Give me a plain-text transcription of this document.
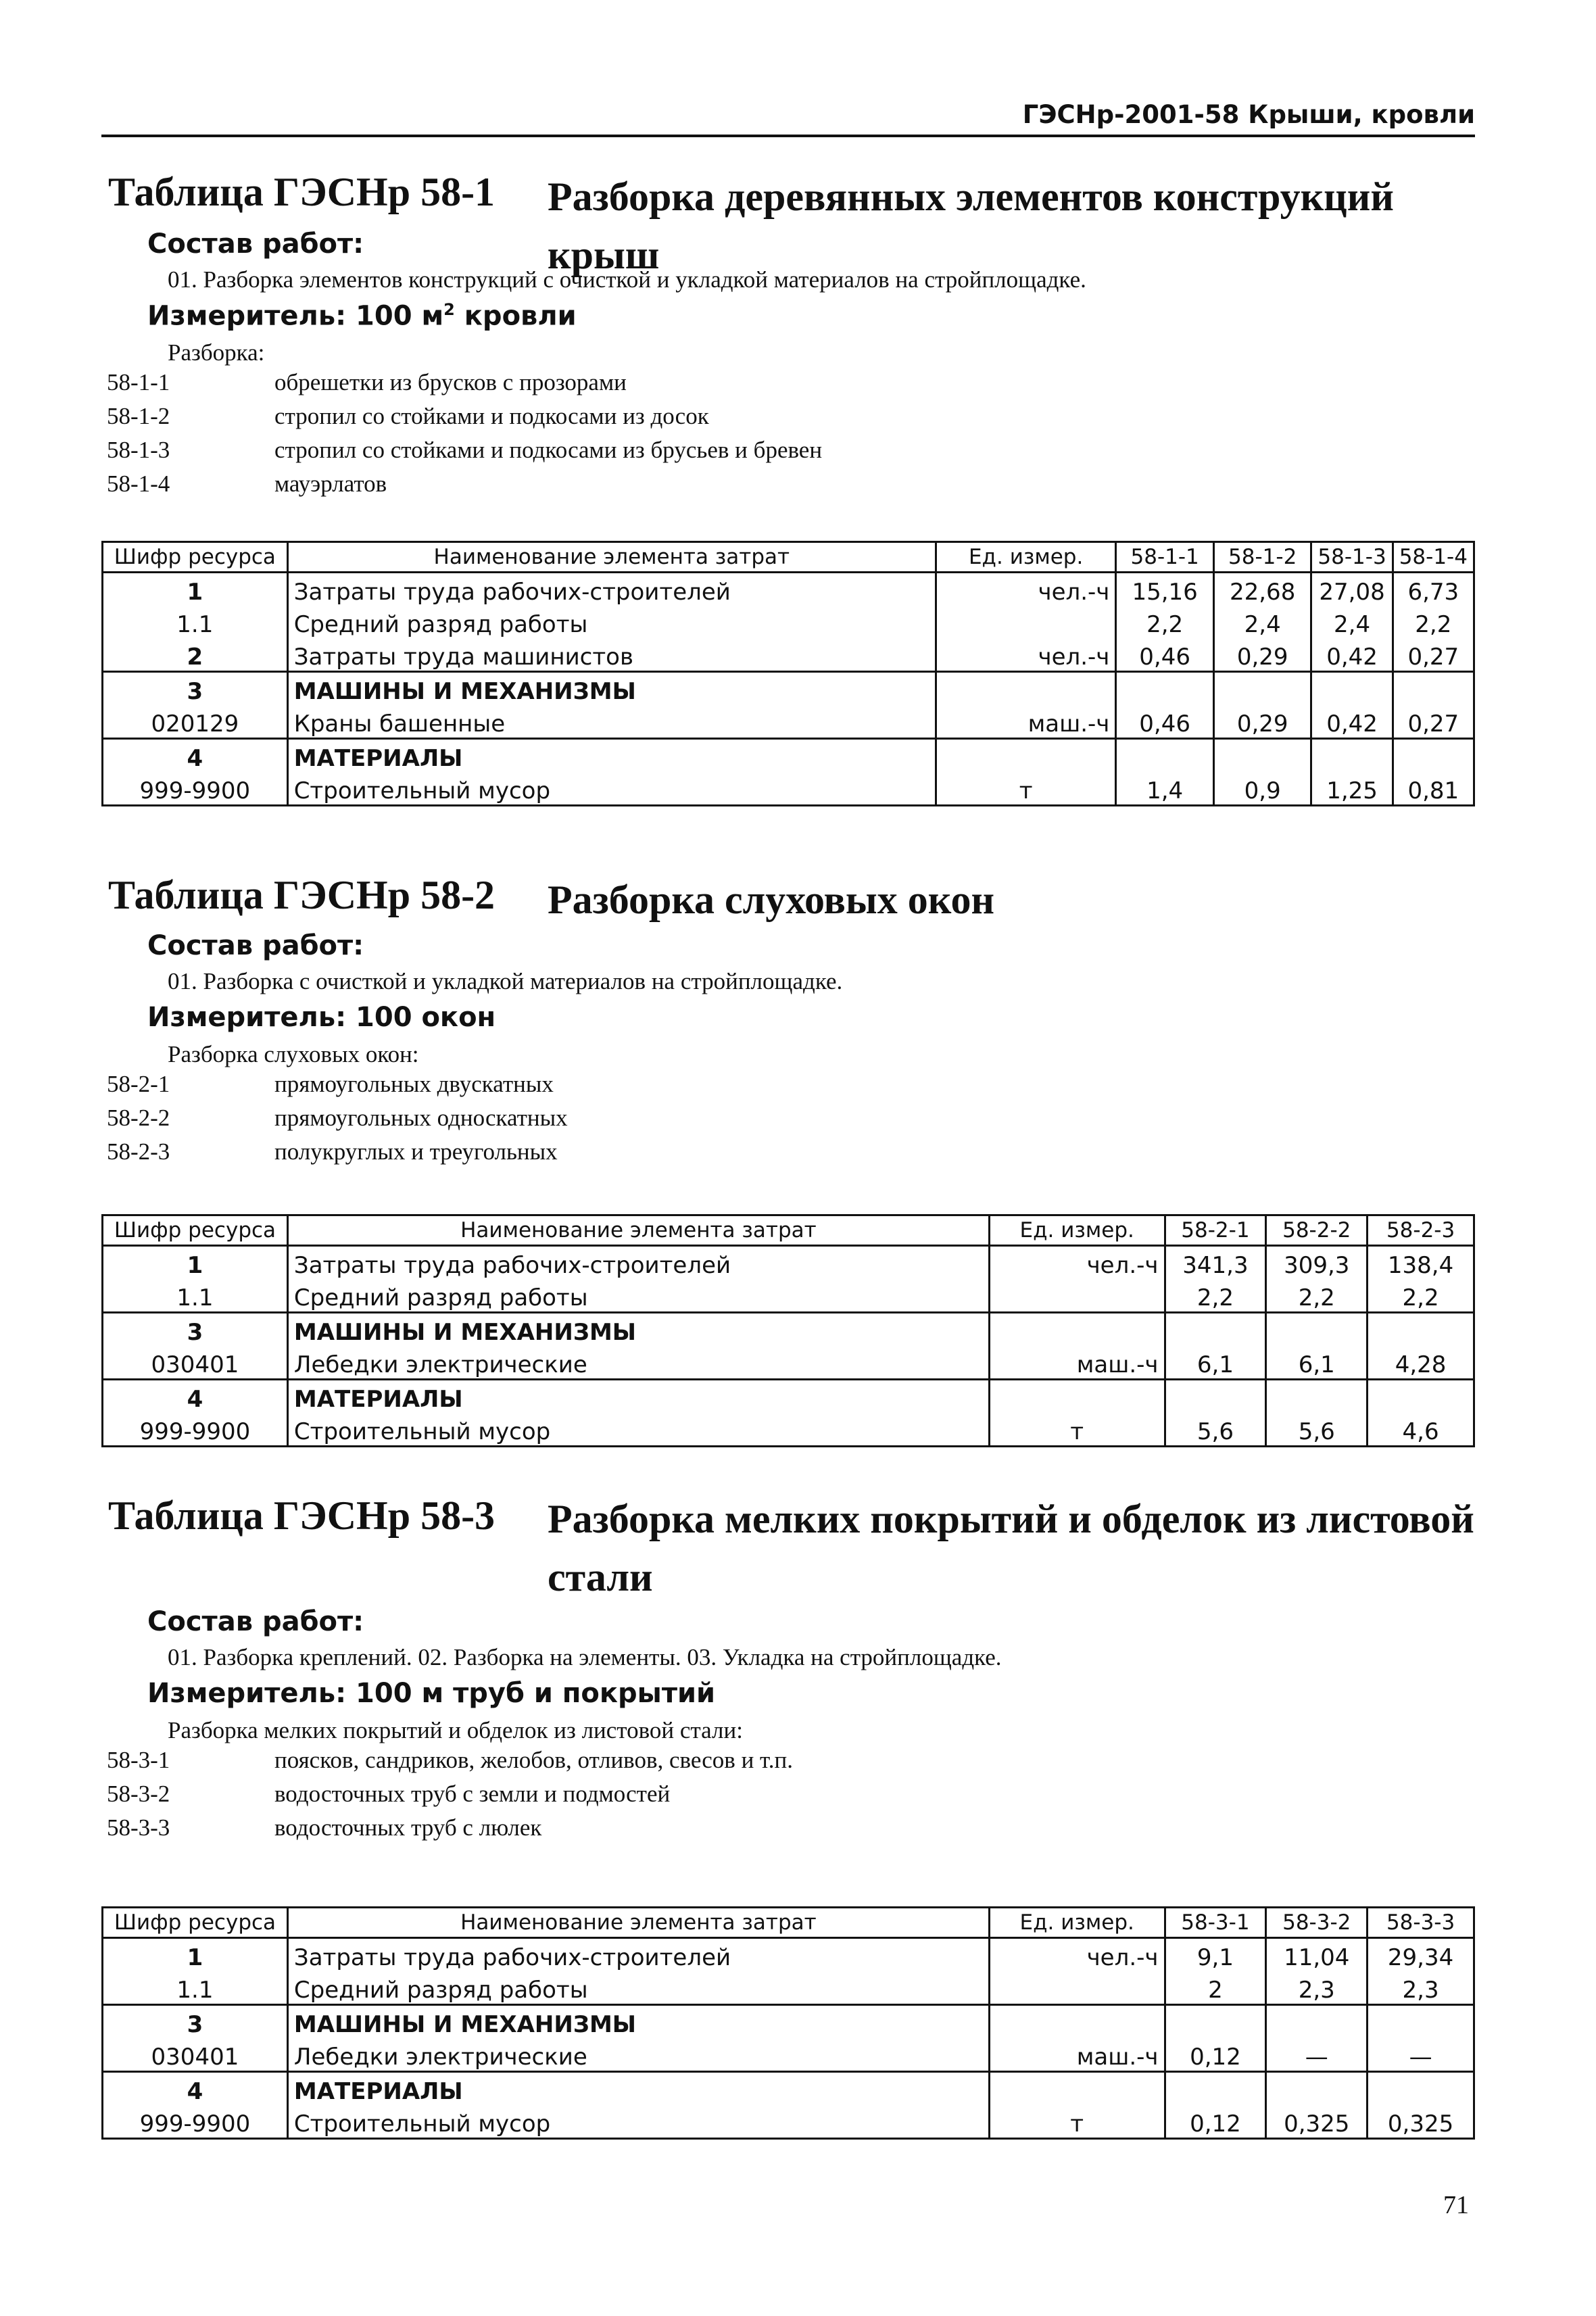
ГЭСНр-2001-58 Крыши, кровли
Таблица ГЭСНр 58-1 Разборка деревянных элементов конструкций крыш
Состав работ:
01. Разборка элементов конструкций с очисткой и укладкой материалов на стройплощадке.
Измеритель: 100 $м^2$ кровли
Разборка:
58-1-1	обрешетки из брусков с прозорами
58-1-2	стропил со стойками и подкосами из досок
58-1-3	стропил со стойками и подкосами из брусьев и бревен
58-1-4	мауэрлатов
Шифр ресурса	Наименование элемента затрат	Ед. измер.	58-1-1	58-1-2	58-1-3	58-1-4
1	Затраты труда рабочих-строителей	чел.-ч	15,16	22,68	27,08	6,73
1.1	Средний разряд работы		2,2	2,4	2,4	2,2
2	Затраты труда машинистов	чел.-ч	0,46	0,29	0,42	0,27
3	МАШИНЫ И МЕХАНИЗМЫ					
020129	Краны башенные	маш.-ч	0,46	0,29	0,42	0,27
4	МАТЕРИАЛЫ					
999-9900	Строительный мусор	т	1,4	0,9	1,25	0,81
Таблица ГЭСНр 58-2 Разборка слуховых окон
Состав работ:
01. Разборка с очисткой и укладкой материалов на стройплощадке.
Измеритель: 100 окон
Разборка слуховых окон:
58-2-1	прямоугольных двускатных
58-2-2	прямоугольных односкатных
58-2-3	полукруглых и треугольных
Шифр ресурса	Наименование элемента затрат	Ед. измер.	58-2-1	58-2-2	58-2-3
1	Затраты труда рабочих-строителей	чел.-ч	341,3	309,3	138,4
1.1	Средний разряд работы		2,2	2,2	2,2
3	МАШИНЫ И МЕХАНИЗМЫ				
030401	Лебедки электрические	маш.-ч	6,1	6,1	4,28
4	МАТЕРИАЛЫ				
999-9900	Строительный мусор	т	5,6	5,6	4,6
Таблица ГЭСНр 58-3 Разборка мелких покрытий и обделок из листовой стали
Состав работ:
01. Разборка креплений. 02. Разборка на элементы. 03. Укладка на стройплощадке.
Измеритель: 100 м труб и покрытий
Разборка мелких покрытий и обделок из листовой стали:
58-3-1	поясков, сандриков, желобов, отливов, свесов и т.п.
58-3-2	водосточных труб с земли и подмостей
58-3-3	водосточных труб с люлек
Шифр ресурса	Наименование элемента затрат	Ед. измер.	58-3-1	58-3-2	58-3-3
1	Затраты труда рабочих-строителей	чел.-ч	9,1	11,04	29,34
1.1	Средний разряд работы		2	2,3	2,3
3	МАШИНЫ И МЕХАНИЗМЫ				
030401	Лебедки электрические	маш.-ч	0,12	—	—
4	МАТЕРИАЛЫ				
999-9900	Строительный мусор	т	0,12	0,325	0,325
71
